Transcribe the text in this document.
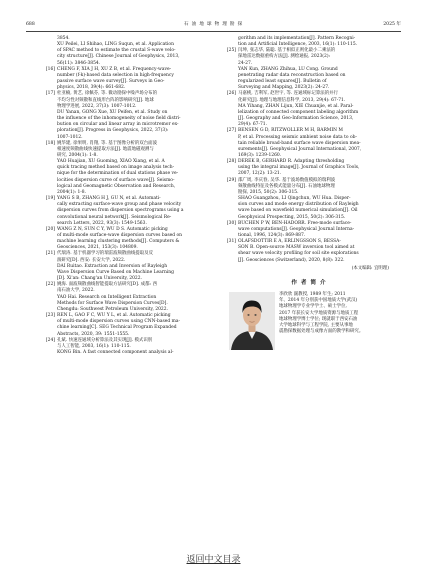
688	石 油 地 球 物 理 勘 探	2025 年
3854.
XU Peilei, LI Shihao, LING Suqun, et al. Application
of SPAC method to estimate the crustal S-wave velo-
city structure[J]. Chinese Journal of Geophysics, 2013,
56(11): 3846-3854.
[16] CHENG F, XIA J H, XU Z B, et al. Frequency-wave-
number (f-k)-based data selection in high-frequency
passive surface wave survey[J]. Surveys in Geo-
physics, 2018, 39(4): 661-682.
[17] 杜亚楠, 黄艺, 徐佩芬, 等. 微动勘探中噪声场分布的
不均匀性对频散和直线形台阵的影响研究[J]. 地球
物理学进展, 2022, 37(3): 1007-1012.
DU Yanan, GONG Xue, XU Peifen, et al. Study on
the influence of the inhomogeneity of noise field distri-
bution on circular and linear array in microtremor ex-
ploration[J]. Progress in Geophysics, 2022, 37(3):
1007-1012.
[18] 姚华建, 徐果明, 肖翔, 等. 基于图像分析的双台面波
相速度频散曲线快速提取方法[J]. 地震地磁观测与
研究, 2004(1): 1-8.
YAO Huajian, XU Guoming, XIAO Xiang, et al. A
quick tracing method based on image analysis tech-
nique for the determination of dual stations phase ve-
locities dispersion curve of surface wave[J]. Seismo-
logical and Geomagnetic Observation and Research,
2004(1): 1-8.
[19] YANG S B, ZHANG H J, GU N, et al. Automati-
cally extracting surface-wave group and phase velocity
dispersion curves from dispersion spectrograms using a
convolutional neural network[J]. Seismological Re-
search Letters, 2022, 93(3): 1549-1563.
[20] WANG Z N, SUN C Y, WU D S. Automatic picking
of multi-mode surface-wave dispersion curves based on
machine learning clustering methods[J]. Computers &
Geosciences, 2021, 153(3): 104809.
[21] 代瑞涛. 基于机器学习的瑞雷波频散曲线提取及反
演研究[D]. 西安: 长安大学, 2022.
DAI Ruitao. Extraction and Inversion of Rayleigh
Wave Dispersion Curve Based on Machine Learning
[D]. Xi'an: Chang'an University, 2022.
[22] 姚海. 面波频散曲线智能提取方法研究[D]. 成都: 西
南石油大学, 2022.
YAO Hai. Research on Intelligent Extraction
Methods for Surface Wave Dispersion Curves[D].
Chengdu: Southwest Petroleum University, 2022.
[23] REN L, GAO F C, WU Y L, et al. Automatic picking
of multi-mode dispersion curves using CNN-based ma-
chine learning[C]. SEG Technical Program Expanded
Abstracts, 2020, 39: 1551-1555.
[24] 孔斌. 快速连通域分析算法及其实现[J]. 模式识别
与人工智能, 2003, 16(1): 110-115.
KONG Bin. A fast connected component analysis al-
gorithm and its implementation[J]. Pattern Recogni-
tion and Artificial Intelligence, 2003, 16(1): 110-115.
[25] 闫坤, 张志华, 陆聪. 基于相似正则化最小二乘法的
探地雷达数据重构方法[J]. 测绘通报, 2023(2):
24-27.
YAN Kun, ZHANG Zhihua, LU Cong. Ground
penetrating radar data reconstruction based on
regularized least squares[J]. Bulletin of
Surveying and Mapping, 2023(2): 24-27.
[26] 马嘉桃, 吉利军, 赵世宇, 等. 连通域标记算法的并行
化研究[J]. 地理与地理信息科学, 2013, 29(4): 67-71.
MA Yihang, ZHAN Lijun, XIE Chuanjie, et al. Paral-
lelization of connected component labeling algorithm
[J]. Geography and Geo-Information Science, 2013,
29(4): 67-71.
[27] BENSEN G D, RITZWOLLER M H, BARMIN M
P, et al. Processing seismic ambient noise data to ob-
tain reliable broad-band surface wave dispersion mea-
surements[J]. Geophysical Journal International, 2007,
169(3): 1239-1260.
[28] DEREK B, GERHARD R. Adapting thresholding
using the integral image[J]. Journal of Graphics Tools,
2007, 12(2): 13-21.
[29] 邵广周, 李庆春, 吴华. 基于波场数值模拟的瑞利波
频散曲线特征及各模式能量分布[J]. 石油地球物理
勘探, 2015, 50(2): 306-315.
SHAO Guangzhou, LI Qingchun, WU Hua. Disper-
sion curves and mode energy distribution of Rayleigh
wave based on wavefield numerical simulation[J]. Oil
Geophysical Prospecting, 2015, 50(2): 306-315.
[30] BUCHEN P W, BEN-HADORR. Free-mode surface-
wave computations[J]. Geophysical Journal Interna-
tional, 1996, 124(3): 869-887.
[31] OLAFSDOTTIR E A, ERLINGSSON S, BESSA-
SON B. Open-source MASW inversion tool aimed at
shear wave velocity profiling for soil site explorations
[J]. Geosciences (Switzerland), 2020, 8(8): 322.
(本文编辑: 宜明理)
作 者 简 介
李欣欣 副教授, 1989 年生; 2011
年、2014 年分别获中国地质大学(武汉)
地球物理学专业学学士、硕士学位,
2017 年获长安大学地质资源与地质工程
地球物理学博士学位; 现就职于西安石油
大学地球科学与工程学院, 主要从事地
震勘探数据处理与成像方面的教学和研究。
返回中文目录
